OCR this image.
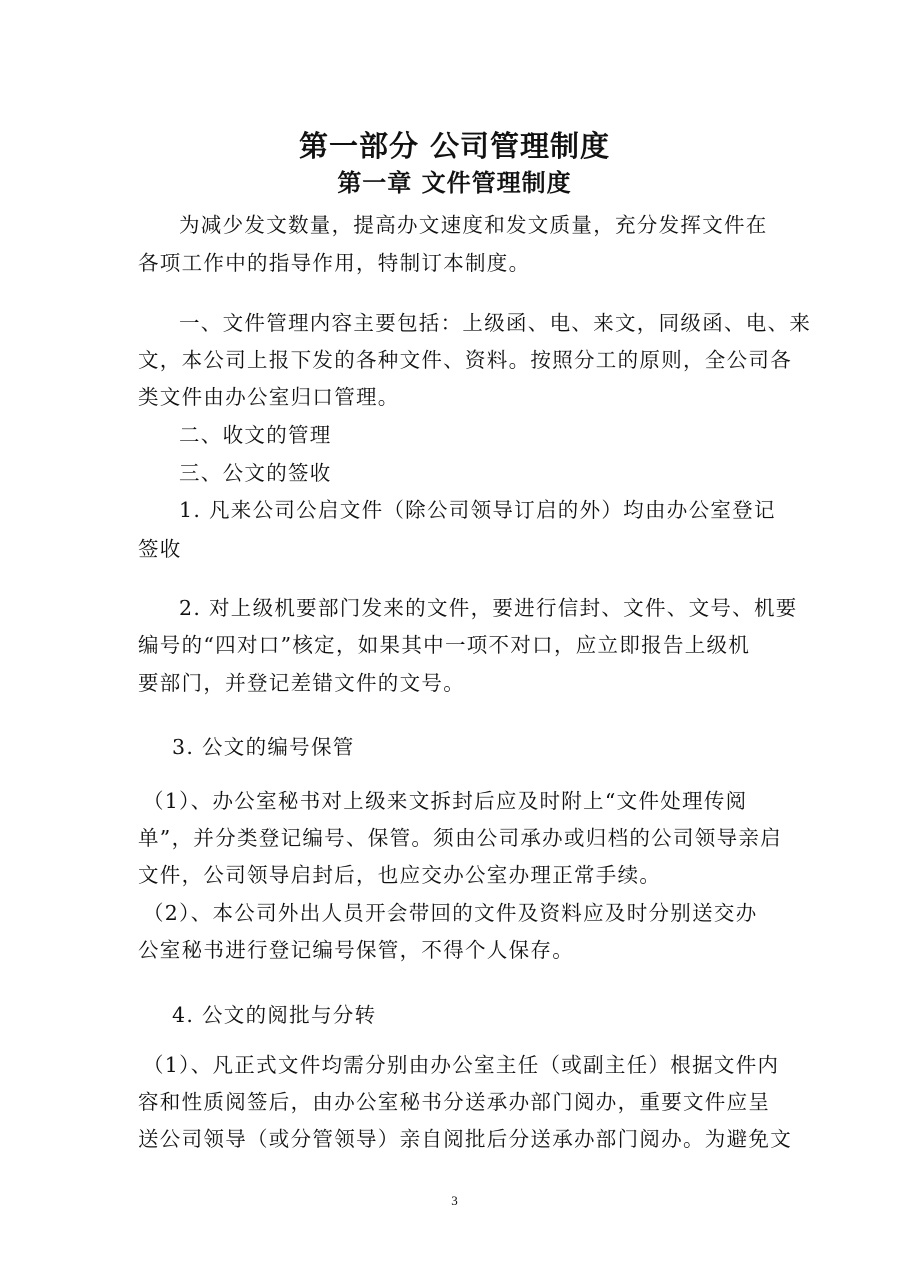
第一部分 公司管理制度
第一章 文件管理制度
为减少发文数量，提高办文速度和发文质量，充分发挥文件在
各项工作中的指导作用，特制订本制度。
一、文件管理内容主要包括：上级函、电、来文，同级函、电、来
文，本公司上报下发的各种文件、资料。按照分工的原则，全公司各
类文件由办公室归口管理。
二、收文的管理
三、公文的签收
1. 凡来公司公启文件（除公司领导订启的外）均由办公室登记
签收
2. 对上级机要部门发来的文件，要进行信封、文件、文号、机要
编号的“四对口”核定，如果其中一项不对口，应立即报告上级机
要部门，并登记差错文件的文号。
3. 公文的编号保管
（1）、办公室秘书对上级来文拆封后应及时附上“文件处理传阅
单”，并分类登记编号、保管。须由公司承办或归档的公司领导亲启
文件，公司领导启封后，也应交办公室办理正常手续。
（2）、本公司外出人员开会带回的文件及资料应及时分别送交办
公室秘书进行登记编号保管，不得个人保存。
4. 公文的阅批与分转
（1）、凡正式文件均需分别由办公室主任（或副主任）根据文件内
容和性质阅签后，由办公室秘书分送承办部门阅办，重要文件应呈
送公司领导（或分管领导）亲自阅批后分送承办部门阅办。为避免文
3
